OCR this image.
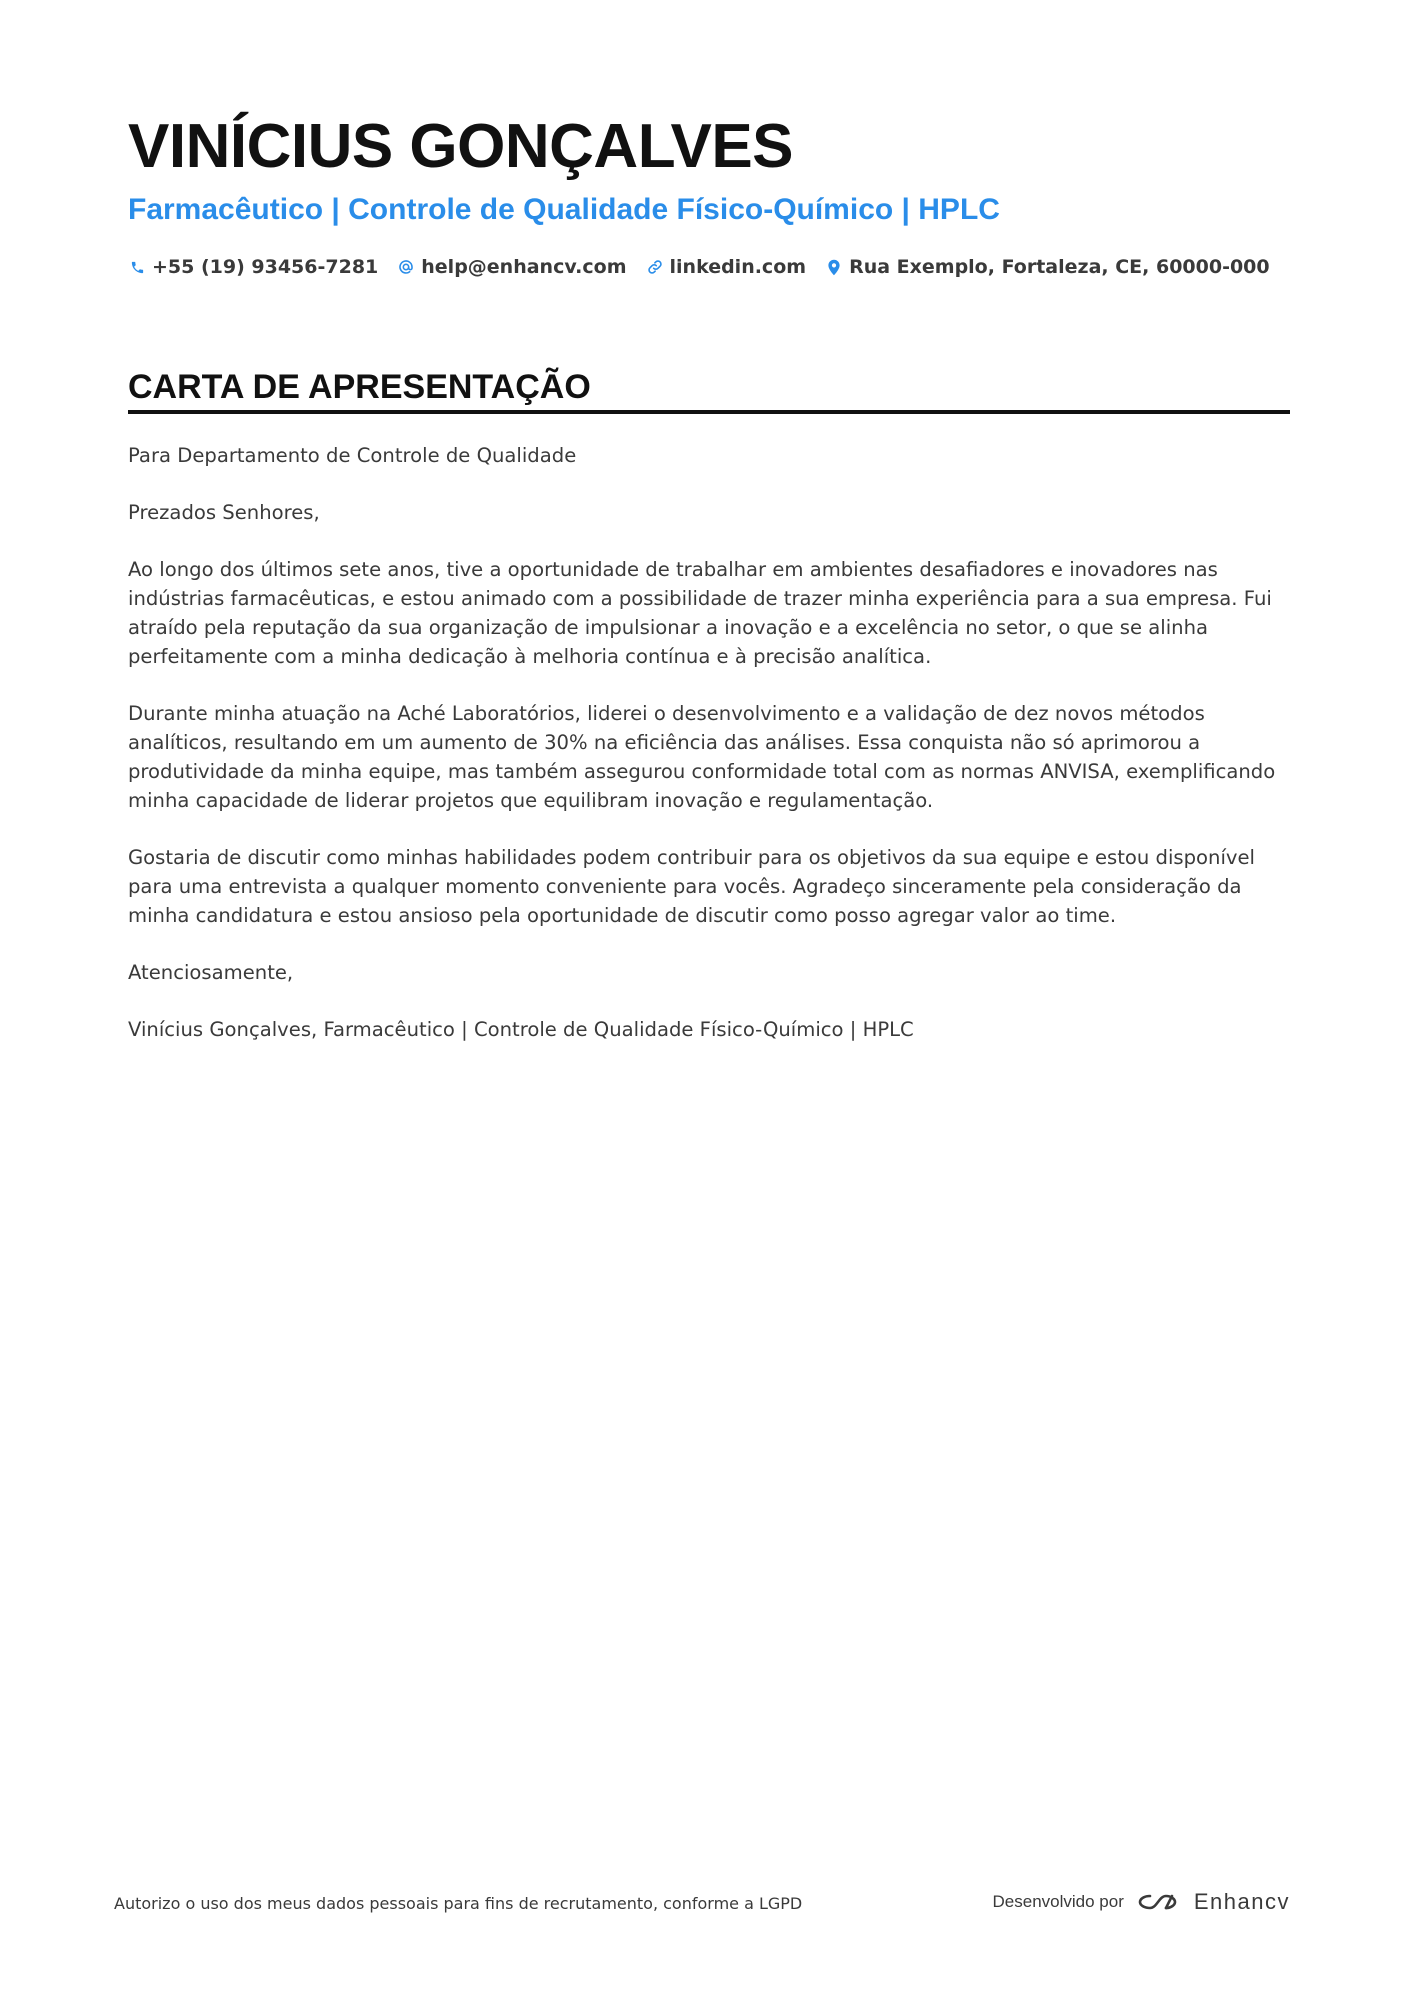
VINÍCIUS GONÇALVES
Farmacêutico | Controle de Qualidade Físico-Químico | HPLC
+55 (19) 93456-7281 help@enhancv.com linkedin.com Rua Exemplo, Fortaleza, CE, 60000-000
CARTA DE APRESENTAÇÃO

Para Departamento de Controle de Qualidade

Prezados Senhores,

Ao longo dos últimos sete anos, tive a oportunidade de trabalhar em ambientes desafiadores e inovadores nas indústrias farmacêuticas, e estou animado com a possibilidade de trazer minha experiência para a sua empresa. Fui atraído pela reputação da sua organização de impulsionar a inovação e a excelência no setor, o que se alinha perfeitamente com a minha dedicação à melhoria contínua e à precisão analítica.

Durante minha atuação na Aché Laboratórios, liderei o desenvolvimento e a validação de dez novos métodos analíticos, resultando em um aumento de 30% na eficiência das análises. Essa conquista não só aprimorou a produtividade da minha equipe, mas também assegurou conformidade total com as normas ANVISA, exemplificando minha capacidade de liderar projetos que equilibram inovação e regulamentação.

Gostaria de discutir como minhas habilidades podem contribuir para os objetivos da sua equipe e estou disponível para uma entrevista a qualquer momento conveniente para vocês. Agradeço sinceramente pela consideração da minha candidatura e estou ansioso pela oportunidade de discutir como posso agregar valor ao time.

Atenciosamente,

Vinícius Gonçalves, Farmacêutico | Controle de Qualidade Físico-Químico | HPLC

Autorizo o uso dos meus dados pessoais para fins de recrutamento, conforme a LGPD	Desenvolvido por	Enhancv
